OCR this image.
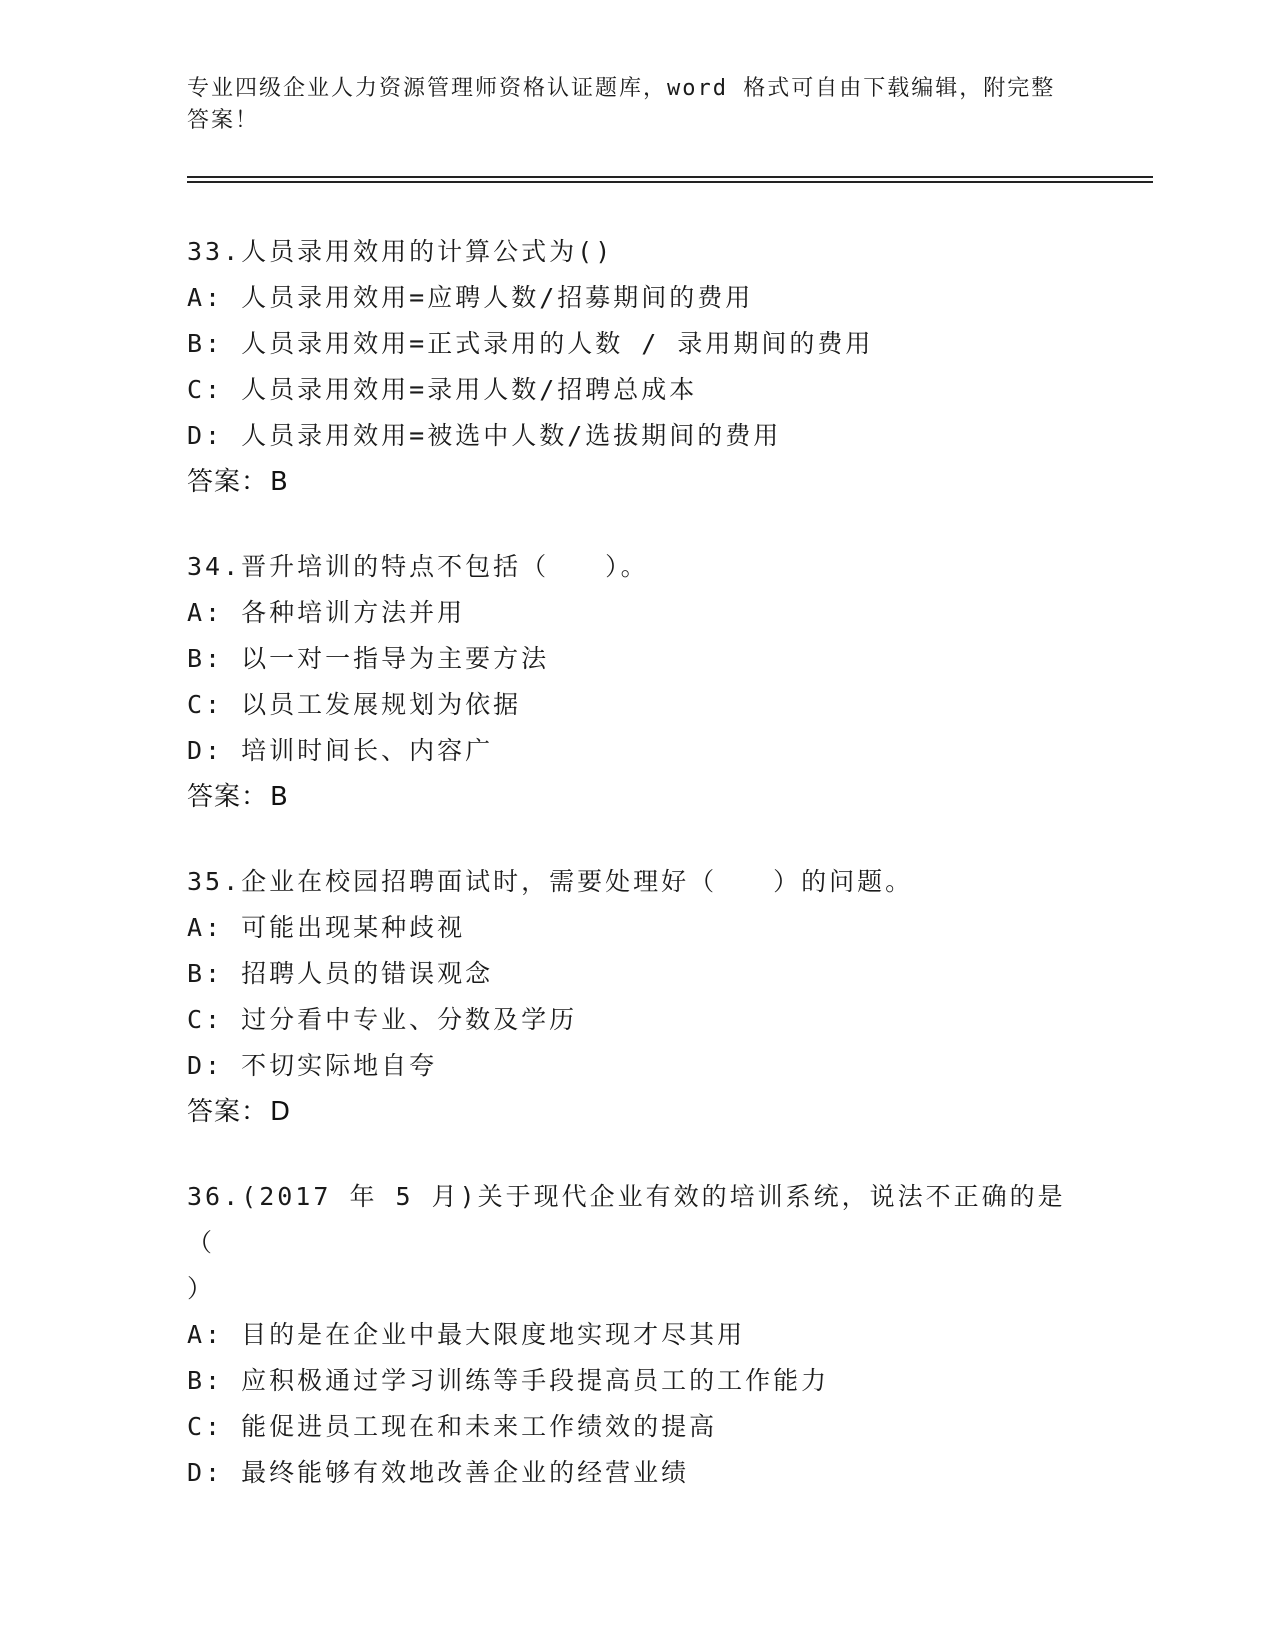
专业四级企业人力资源管理师资格认证题库，word 格式可自由下载编辑，附完整答案！
33.人员录用效用的计算公式为()
A: 人员录用效用=应聘人数/招募期间的费用
B: 人员录用效用=正式录用的人数 / 录用期间的费用
C: 人员录用效用=录用人数/招聘总成本
D: 人员录用效用=被选中人数/选拔期间的费用
答案：B
34.晋升培训的特点不包括（　　）。
A: 各种培训方法并用
B: 以一对一指导为主要方法
C: 以员工发展规划为依据
D: 培训时间长、内容广
答案：B
35.企业在校园招聘面试时，需要处理好（　　）的问题。
A: 可能出现某种歧视
B: 招聘人员的错误观念
C: 过分看中专业、分数及学历
D: 不切实际地自夸
答案：D
36.(2017 年 5 月)关于现代企业有效的培训系统，说法不正确的是（
）
A: 目的是在企业中最大限度地实现才尽其用
B: 应积极通过学习训练等手段提高员工的工作能力
C: 能促进员工现在和未来工作绩效的提高
D: 最终能够有效地改善企业的经营业绩
